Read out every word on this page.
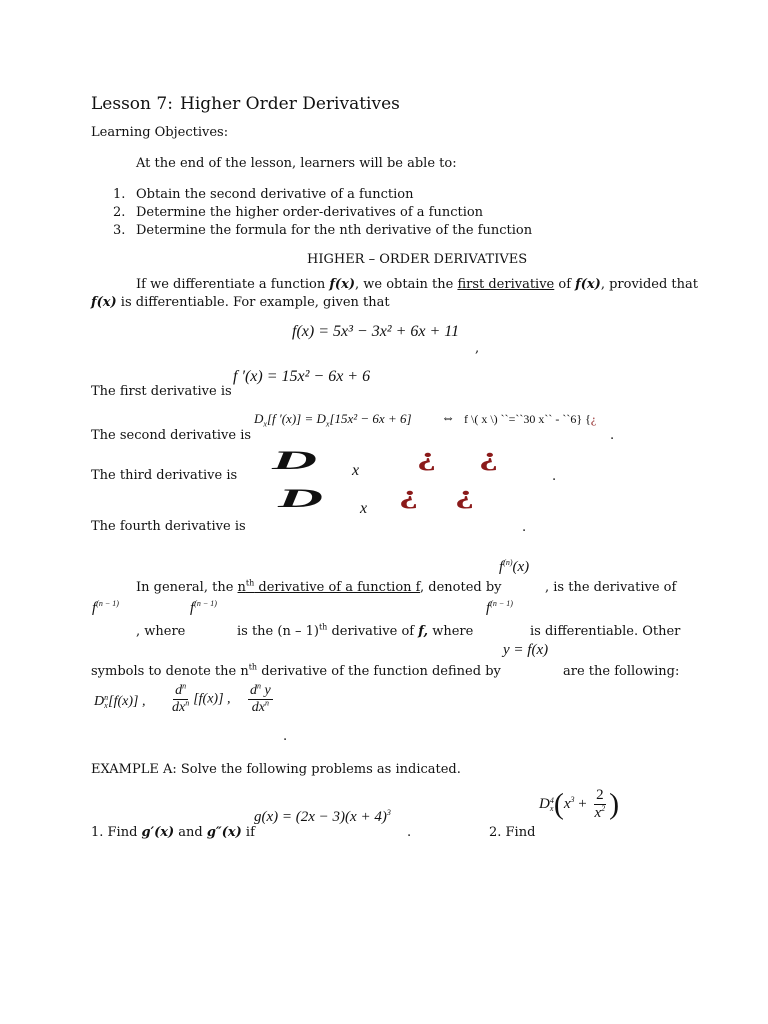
Lesson 7: Higher Order Derivatives
Learning Objectives:
At the end of the lesson, learners will be able to:
1. Obtain the second derivative of a function
2. Determine the higher order-derivatives of a function
3. Determine the formula for the nth derivative of the function
HIGHER – ORDER DERIVATIVES
If we differentiate a function f(x), we obtain the first derivative of f(x), provided that
f(x) is differentiable. For example, given that
f(x) = 5x³ − 3x² + 6x + 11
,
f ′(x) = 15x² − 6x + 6
The first derivative is
$D_x[f$ $'(x)] = D_x[15x^2 - 6x + 6]$ ⇔ f \( x \) ``=``30 x`` - ``6} {¿
The second derivative is	.
D x ¿ ¿
The third derivative is	.
D x ¿ ¿
The fourth derivative is	.
$f^{(n)}(x)$
In general, the $n^{th}$ derivative of a function f, denoted by	, is the derivative of
$f^{(n - 1)}$	$f^{(n - 1)}$	$f^{(n - 1)}$
, where	is the (n – 1)$^{th}$ derivative of f, where	is differentiable. Other
y = f(x)
symbols to denote the $n^{th}$ derivative of the function defined by	are the following:
D n
x [f(x)] , $\frac{d^n}{dx^n} [f(x)]$ , $\frac{d^n y}{dx^n}$
.
EXAMPLE A: Solve the following problems as indicated.
$g(x) = (2x - 3)(x + 4)^3$
1. Find g′(x) and g″(x) if	.	2. Find
D 4
x ($x^3 + \frac{2}{x^2}$ )
